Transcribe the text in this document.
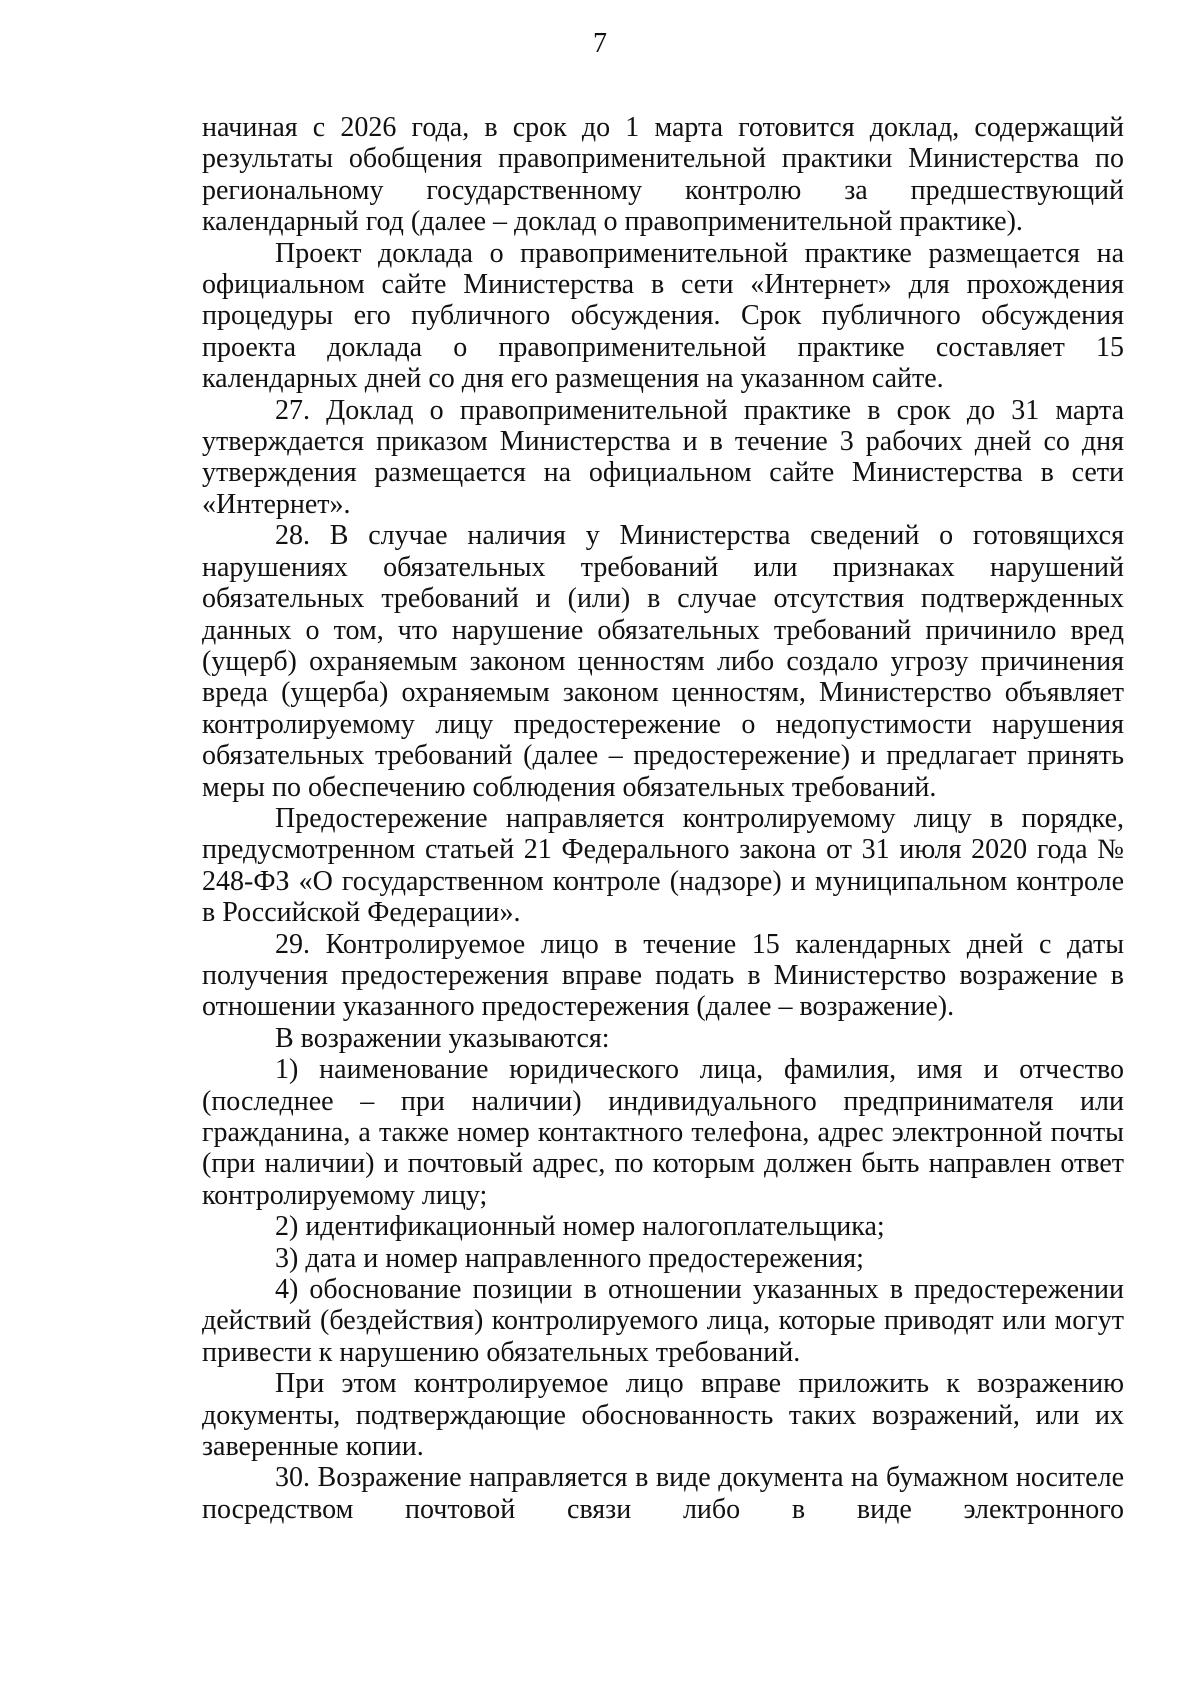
7

начиная с 2026 года, в срок до 1 марта готовится доклад, содержащий результаты обобщения правоприменительной практики Министерства по региональному государственному контролю за предшествующий календарный год (далее – доклад о правоприменительной практике).

Проект доклада о правоприменительной практике размещается на официальном сайте Министерства в сети «Интернет» для прохождения процедуры его публичного обсуждения. Срок публичного обсуждения проекта доклада о правоприменительной практике составляет 15 календарных дней со дня его размещения на указанном сайте.

27. Доклад о правоприменительной практике в срок до 31 марта утверждается приказом Министерства и в течение 3 рабочих дней со дня утверждения размещается на официальном сайте Министерства в сети «Интернет».

28. В случае наличия у Министерства сведений о готовящихся нарушениях обязательных требований или признаках нарушений обязательных требований и (или) в случае отсутствия подтвержденных данных о том, что нарушение обязательных требований причинило вред (ущерб) охраняемым законом ценностям либо создало угрозу причинения вреда (ущерба) охраняемым законом ценностям, Министерство объявляет контролируемому лицу предостережение о недопустимости нарушения обязательных требований (далее – предостережение) и предлагает принять меры по обеспечению соблюдения обязательных требований.

Предостережение направляется контролируемому лицу в порядке, предусмотренном статьей 21 Федерального закона от 31 июля 2020 года № 248-ФЗ «О государственном контроле (надзоре) и муниципальном контроле в Российской Федерации».

29. Контролируемое лицо в течение 15 календарных дней с даты получения предостережения вправе подать в Министерство возражение в отношении указанного предостережения (далее – возражение).

В возражении указываются:

1) наименование юридического лица, фамилия, имя и отчество (последнее – при наличии) индивидуального предпринимателя или гражданина, а также номер контактного телефона, адрес электронной почты (при наличии) и почтовый адрес, по которым должен быть направлен ответ контролируемому лицу;

2) идентификационный номер налогоплательщика;

3) дата и номер направленного предостережения;

4) обоснование позиции в отношении указанных в предостережении действий (бездействия) контролируемого лица, которые приводят или могут привести к нарушению обязательных требований.

При этом контролируемое лицо вправе приложить к возражению документы, подтверждающие обоснованность таких возражений, или их заверенные копии.

30. Возражение направляется в виде документа на бумажном носителе посредством почтовой связи либо в виде электронного
